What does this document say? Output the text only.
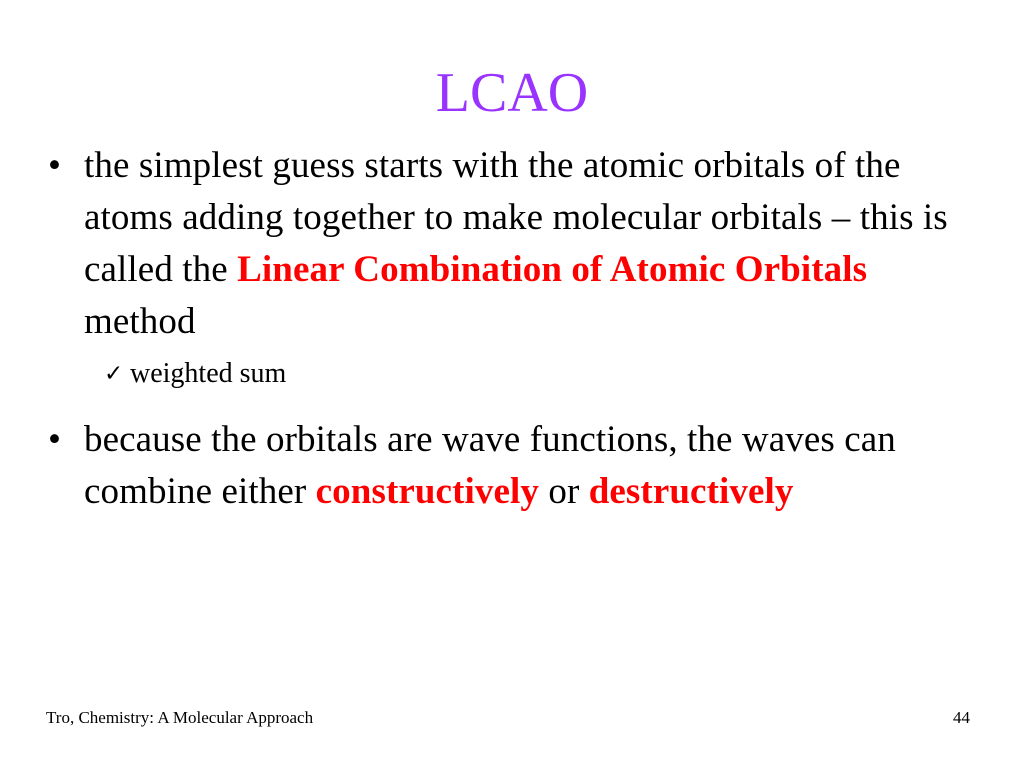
LCAO
• the simplest guess starts with the atomic orbitals of the atoms adding together to make molecular orbitals – this is called the Linear Combination of Atomic Orbitals method
✓ weighted sum
• because the orbitals are wave functions, the waves can combine either constructively or destructively
Tro, Chemistry: A Molecular Approach	44
